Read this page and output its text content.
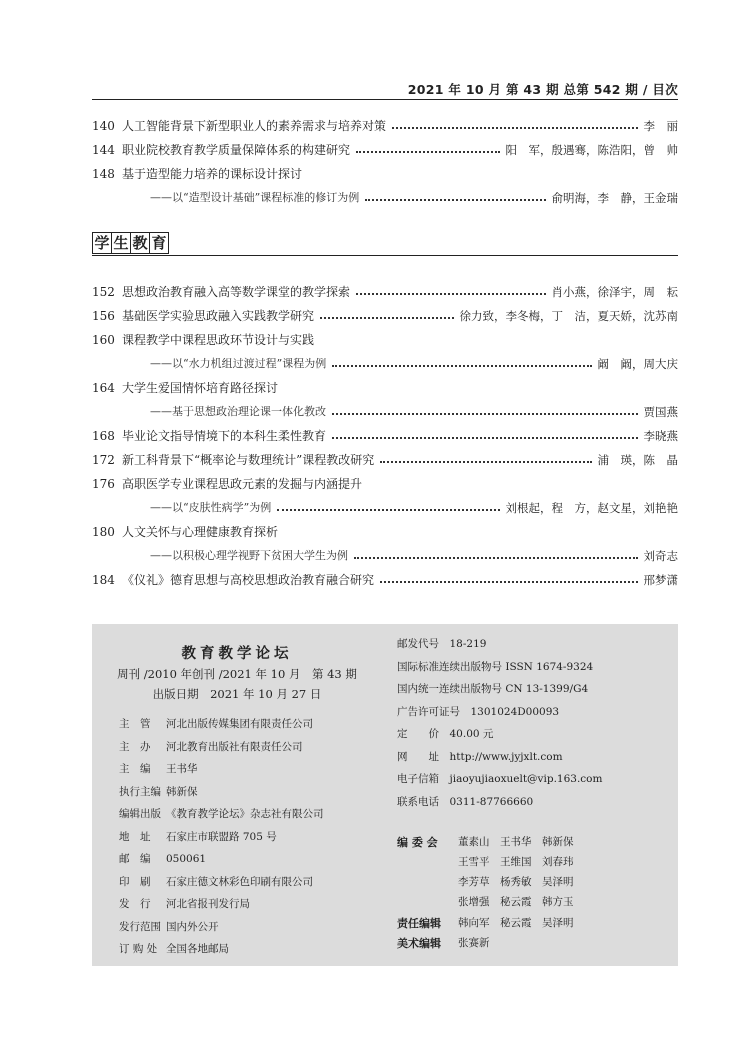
2021 年 10 月 第 43 期 总第 542 期 / 目次
140 人工智能背景下新型职业人的素养需求与培养对策	李　丽
144 职业院校教育教学质量保障体系的构建研究	阳　军，殷遇骞，陈浩阳，曾　帅
148 基于造型能力培养的课标设计探讨
——以“造型设计基础”课程标准的修订为例	俞明海，李　静，王金瑞
学 生 教 育
152 思想政治教育融入高等数学课堂的教学探索	肖小燕，徐泽宇，周　耘
156 基础医学实验思政融入实践教学研究	徐力致，李冬梅，丁　洁，夏天娇，沈苏南
160 课程教学中课程思政环节设计与实践
——以“水力机组过渡过程”课程为例	阚　阚，周大庆
164 大学生爱国情怀培育路径探讨
——基于思想政治理论课一体化教改	贾国燕
168 毕业论文指导情境下的本科生柔性教育	李晓燕
172 新工科背景下“概率论与数理统计”课程教改研究	浦　瑛，陈　晶
176 高职医学专业课程思政元素的发掘与内涵提升
——以“皮肤性病学”为例	刘根起，程　方，赵文星，刘艳艳
180 人文关怀与心理健康教育探析
——以积极心理学视野下贫困大学生为例	刘奇志
184 《仪礼》德育思想与高校思想政治教育融合研究	邢梦潇
教育教学论坛
周刊 /2010 年创刊 /2021 年 10 月　第 43 期
出版日期　2021 年 10 月 27 日
主　管 河北出版传媒集团有限责任公司
主　办 河北教育出版社有限责任公司
主　编 王书华
执行主编 韩新保
编辑出版 《教育教学论坛》杂志社有限公司
地　址 石家庄市联盟路 705 号
邮　编 050061
印　刷 石家庄德文林彩色印刷有限公司
发　行 河北省报刊发行局
发行范围 国内外公开
订 购 处 全国各地邮局
邮发代号　18-219
国际标准连续出版物号 ISSN 1674-9324
国内统一连续出版物号 CN 13-1399/G4
广告许可证号　1301024D00093
定　　价　40.00 元
网　　址　http://www.jyjxlt.com
电子信箱　jiaoyujiaoxuelt@vip.163.com
联系电话　0311-87766660
编 委 会 董素山　王书华　韩新保
王雪平　王维国　刘春玮
李芳草　杨秀敏　吴泽明
张增强　秘云霞　韩方玉
责任编辑 韩向军　秘云霞　吴泽明
美术编辑 张赛新
